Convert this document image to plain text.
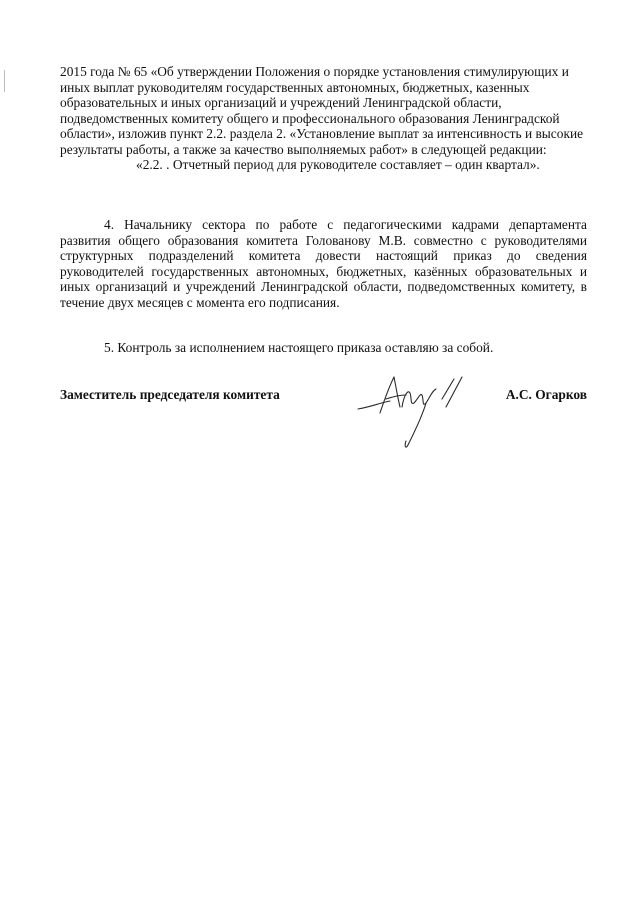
2015 года № 65 «Об утверждении Положения о порядке установления стимулирующих и иных выплат руководителям государственных автономных, бюджетных, казенных образовательных и иных организаций и учреждений Ленинградской области, подведомственных комитету общего и профессионального образования Ленинградской области», изложив пункт 2.2. раздела 2. «Установление выплат за интенсивность и высокие результаты работы, а также за качество выполняемых работ» в следующей редакции:

«2.2. . Отчетный период для руководителе составляет – один квартал».

4. Начальнику сектора по работе с педагогическими кадрами департамента развития общего образования комитета Голованову М.В. совместно с руководителями структурных подразделений комитета довести настоящий приказ до сведения руководителей государственных автономных, бюджетных, казённых образовательных и иных организаций и учреждений Ленинградской области, подведомственных комитету, в течение двух месяцев с момента его подписания.

5. Контроль за исполнением настоящего приказа оставляю за собой.

Заместитель председателя комитета	А.С. Огарков
